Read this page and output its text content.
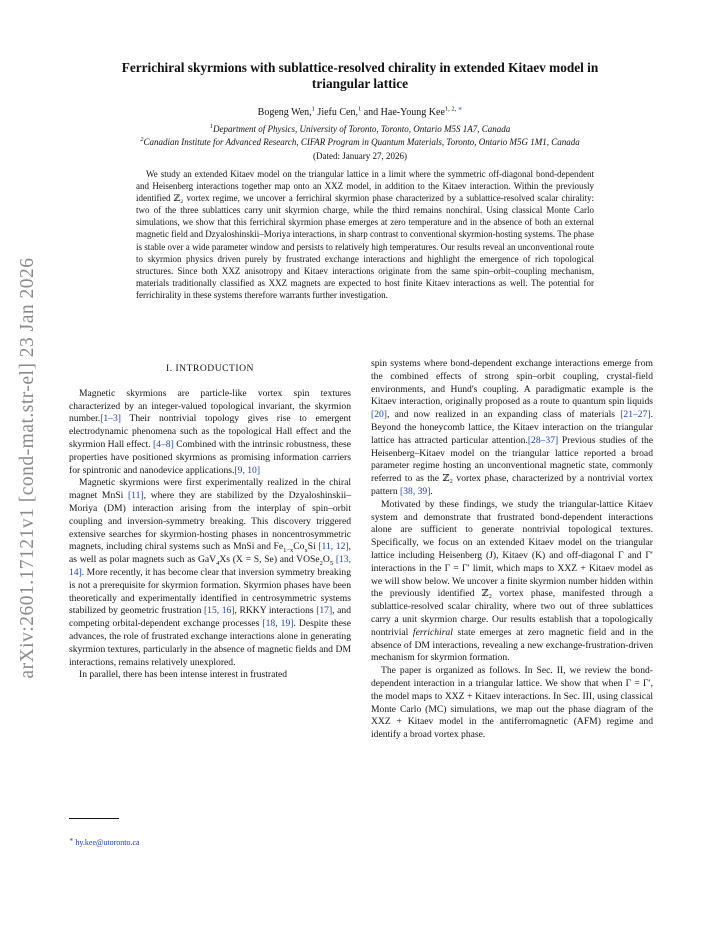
arXiv:2601.17121v1 [cond-mat.str-el] 23 Jan 2026
Ferrichiral skyrmions with sublattice-resolved chirality in extended Kitaev model in
triangular lattice
Bogeng Wen,$^1$ Jiefu Cen,$^1$ and Hae-Young Kee$^{1, 2, ∗}$
$^1$Department of Physics, University of Toronto, Toronto, Ontario M5S 1A7, Canada
$^2$Canadian Institute for Advanced Research, CIFAR Program in Quantum Materials, Toronto, Ontario M5G 1M1, Canada
(Dated: January 27, 2026)
We study an extended Kitaev model on the triangular lattice in a limit where the symmetric off-diagonal bond-dependent and Heisenberg interactions together map onto an XXZ model, in addition to the Kitaev interaction. Within the previously identified ℤ₂ vortex regime, we uncover a ferrichiral skyrmion phase characterized by a sublattice-resolved scalar chirality: two of the three sublattices carry unit skyrmion charge, while the third remains nonchiral. Using classical Monte Carlo simulations, we show that this ferrichiral skyrmion phase emerges at zero temperature and in the absence of both an external magnetic field and Dzyaloshinskii–Moriya interactions, in sharp contrast to conventional skyrmion-hosting systems. The phase is stable over a wide parameter window and persists to relatively high temperatures. Our results reveal an unconventional route to skyrmion physics driven purely by frustrated exchange interactions and highlight the emergence of rich topological structures. Since both XXZ anisotropy and Kitaev interactions originate from the same spin–orbit–coupling mechanism, materials traditionally classified as XXZ magnets are expected to host finite Kitaev interactions as well. The potential for ferrichirality in these systems therefore warrants further investigation.
I. INTRODUCTION

Magnetic skyrmions are particle-like vortex spin textures characterized by an integer-valued topological invariant, the skyrmion number.[1–3] Their nontrivial topology gives rise to emergent electrodynamic phenomena such as the topological Hall effect and the skyrmion Hall effect. [4–8] Combined with the intrinsic robustness, these properties have positioned skyrmions as promising information carriers for spintronic and nanodevice applications.[9, 10]

Magnetic skyrmions were first experimentally realized in the chiral magnet MnSi [11], where they are stabilized by the Dzyaloshinskii–Moriya (DM) interaction arising from the interplay of spin–orbit coupling and inversion-symmetry breaking. This discovery triggered extensive searches for skyrmion-hosting phases in noncentrosymmetric magnets, including chiral systems such as MnSi and $Fe_{1-x}Co_xSi$ [11, 12], as well as polar magnets such as GaV$_4$Xs (X = S, Se) and $VOSe_2O_5$ [13, 14]. More recently, it has become clear that inversion symmetry breaking is not a prerequisite for skyrmion formation. Skyrmion phases have been theoretically and experimentally identified in centrosymmetric systems stabilized by geometric frustration [15, 16], RKKY interactions [17], and competing orbital-dependent exchange processes [18, 19]. Despite these advances, the role of frustrated exchange interactions alone in generating skyrmion textures, particularly in the absence of magnetic fields and DM interactions, remains relatively unexplored.

In parallel, there has been intense interest in frustrated

spin systems where bond-dependent exchange interactions emerge from the combined effects of strong spin–orbit coupling, crystal-field environments, and Hund's coupling. A paradigmatic example is the Kitaev interaction, originally proposed as a route to quantum spin liquids [20], and now realized in an expanding class of materials [21–27]. Beyond the honeycomb lattice, the Kitaev interaction on the triangular lattice has attracted particular attention.[28–37] Previous studies of the Heisenberg–Kitaev model on the triangular lattice reported a broad parameter regime hosting an unconventional magnetic state, commonly referred to as the ℤ₂ vortex phase, characterized by a nontrivial vortex pattern [38, 39].

Motivated by these findings, we study the triangular-lattice Kitaev system and demonstrate that frustrated bond-dependent interactions alone are sufficient to generate nontrivial topological textures. Specifically, we focus on an extended Kitaev model on the triangular lattice including Heisenberg (J), Kitaev (K) and off-diagonal Γ and Γ′ interactions in the Γ = Γ′ limit, which maps to XXZ + Kitaev model as we will show below. We uncover a finite skyrmion number hidden within the previously identified ℤ₂ vortex phase, manifested through a sublattice-resolved scalar chirality, where two out of three sublattices carry a unit skyrmion charge. Our results establish that a topologically nontrivial ferrichiral state emerges at zero magnetic field and in the absence of DM interactions, revealing a new exchange-frustration-driven mechanism for skyrmion formation.

The paper is organized as follows. In Sec. II, we review the bond-dependent interaction in a triangular lattice. We show that when Γ = Γ′, the model maps to XXZ + Kitaev interactions. In Sec. III, using classical Monte Carlo (MC) simulations, we map out the phase diagram of the XXZ + Kitaev model in the antiferromagnetic (AFM) regime and identify a broad vortex phase.

∗ hy.kee@utoronto.ca
